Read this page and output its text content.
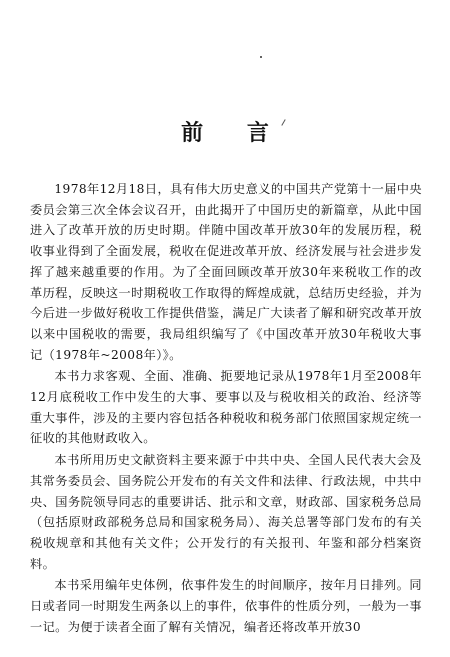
前 言

1978年12月18日，具有伟大历史意义的中国共产党第十一届中央委员会第三次全体会议召开，由此揭开了中国历史的新篇章，从此中国进入了改革开放的历史时期。伴随中国改革开放30年的发展历程，税收事业得到了全面发展，税收在促进改革开放、经济发展与社会进步发挥了越来越重要的作用。为了全面回顾改革开放30年来税收工作的改革历程，反映这一时期税收工作取得的辉煌成就，总结历史经验，并为今后进一步做好税收工作提供借鉴，满足广大读者了解和研究改革开放以来中国税收的需要，我局组织编写了《中国改革开放30年税收大事记（1978年~2008年）》。

本书力求客观、全面、准确、扼要地记录从1978年1月至2008年12月底税收工作中发生的大事、要事以及与税收相关的政治、经济等重大事件，涉及的主要内容包括各种税收和税务部门依照国家规定统一征收的其他财政收入。

本书所用历史文献资料主要来源于中共中央、全国人民代表大会及其常务委员会、国务院公开发布的有关文件和法律、行政法规，中共中央、国务院领导同志的重要讲话、批示和文章，财政部、国家税务总局（包括原财政部税务总局和国家税务局）、海关总署等部门发布的有关税收规章和其他有关文件；公开发行的有关报刊、年鉴和部分档案资料。

本书采用编年史体例，依事件发生的时间顺序，按年月日排列。同日或者同一时期发生两条以上的事件，依事件的性质分列，一般为一事一记。为便于读者全面了解有关情况，编者还将改革开放30
